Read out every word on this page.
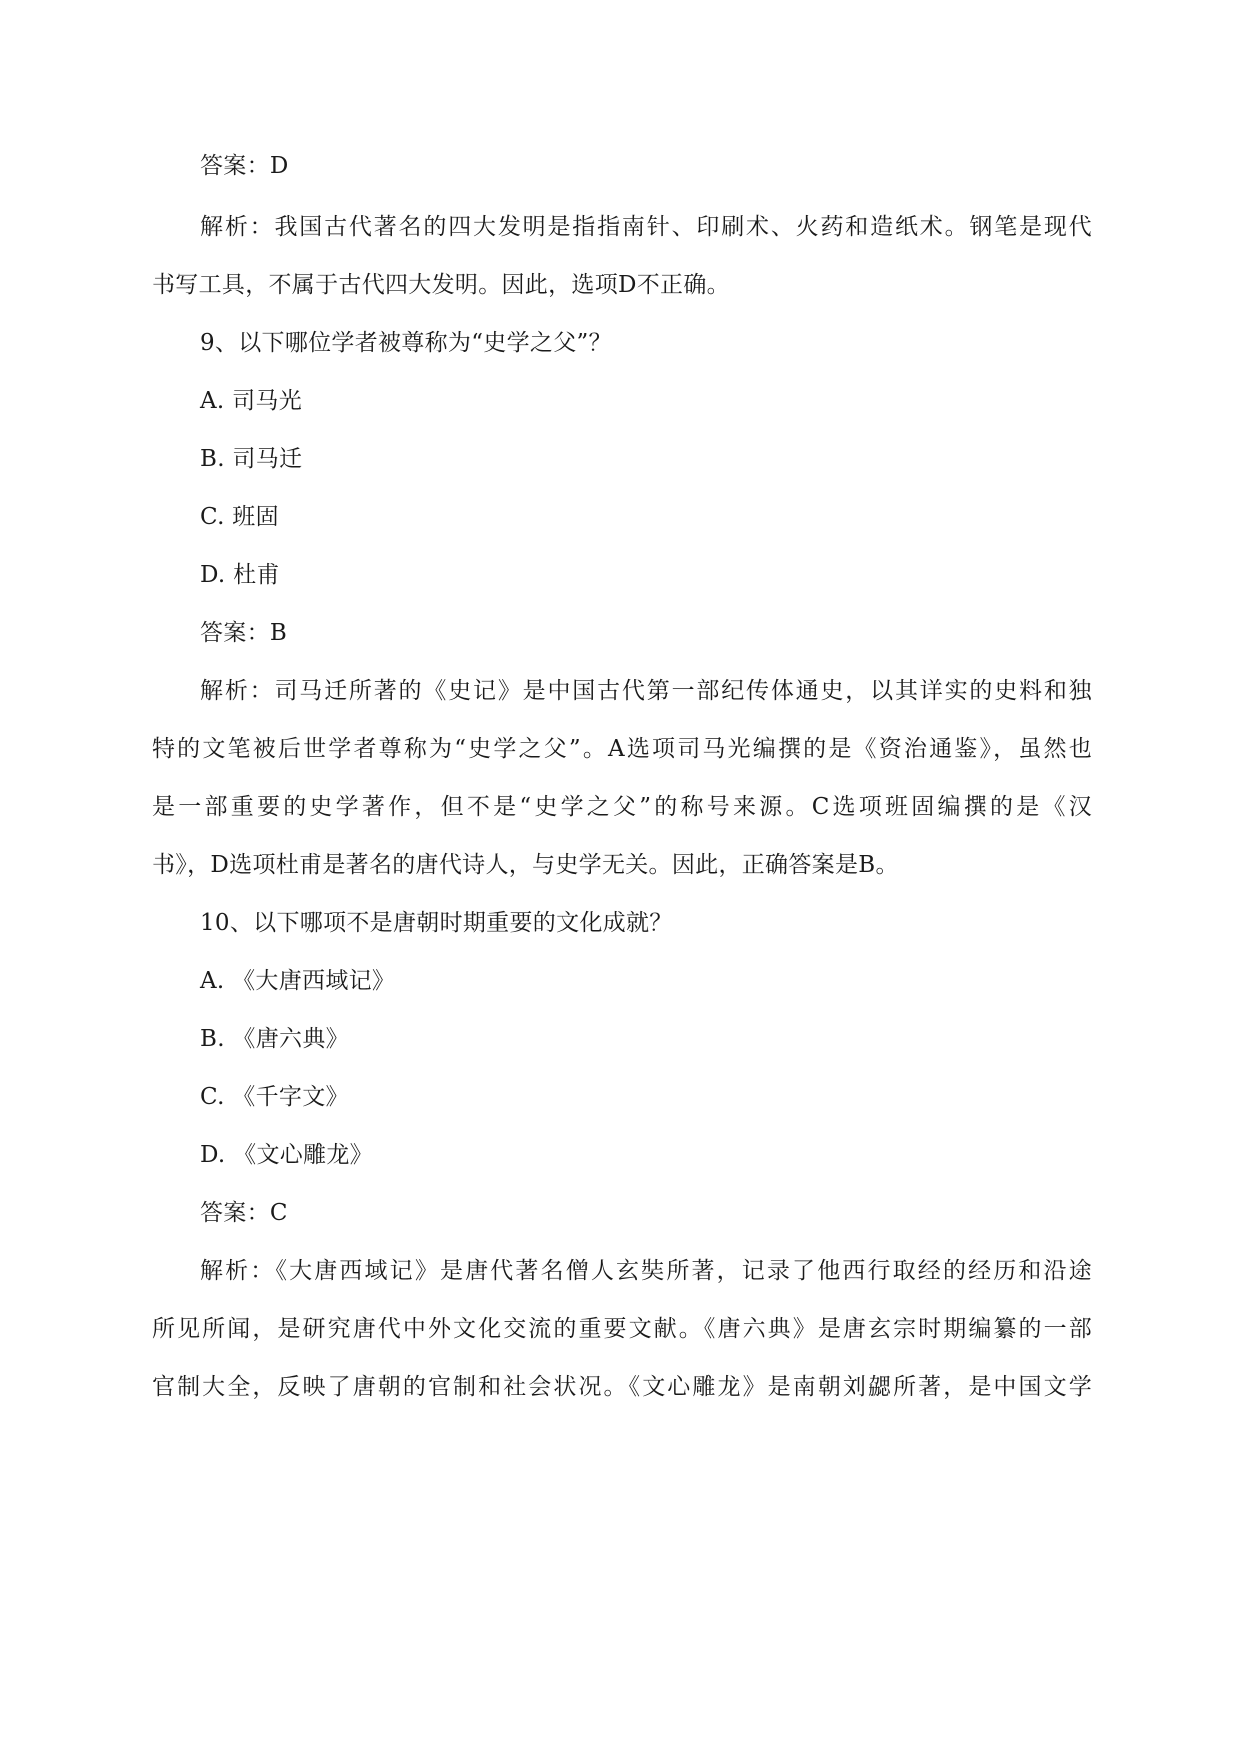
答案：D
解析：我国古代著名的四大发明是指指南针、印刷术、火药和造纸术。钢笔是现代
书写工具，不属于古代四大发明。因此，选项D不正确。
9、以下哪位学者被尊称为“史学之父”？
A. 司马光
B. 司马迁
C. 班固
D. 杜甫
答案：B
解析：司马迁所著的《史记》是中国古代第一部纪传体通史，以其详实的史料和独
特的文笔被后世学者尊称为“史学之父”。A选项司马光编撰的是《资治通鉴》，虽然也
是一部重要的史学著作，但不是“史学之父”的称号来源。C选项班固编撰的是《汉
书》，D选项杜甫是著名的唐代诗人，与史学无关。因此，正确答案是B。
10、以下哪项不是唐朝时期重要的文化成就？
A. 《大唐西域记》
B. 《唐六典》
C. 《千字文》
D. 《文心雕龙》
答案：C
解析：《大唐西域记》是唐代著名僧人玄奘所著，记录了他西行取经的经历和沿途
所见所闻，是研究唐代中外文化交流的重要文献。《唐六典》是唐玄宗时期编纂的一部
官制大全，反映了唐朝的官制和社会状况。《文心雕龙》是南朝刘勰所著，是中国文学
